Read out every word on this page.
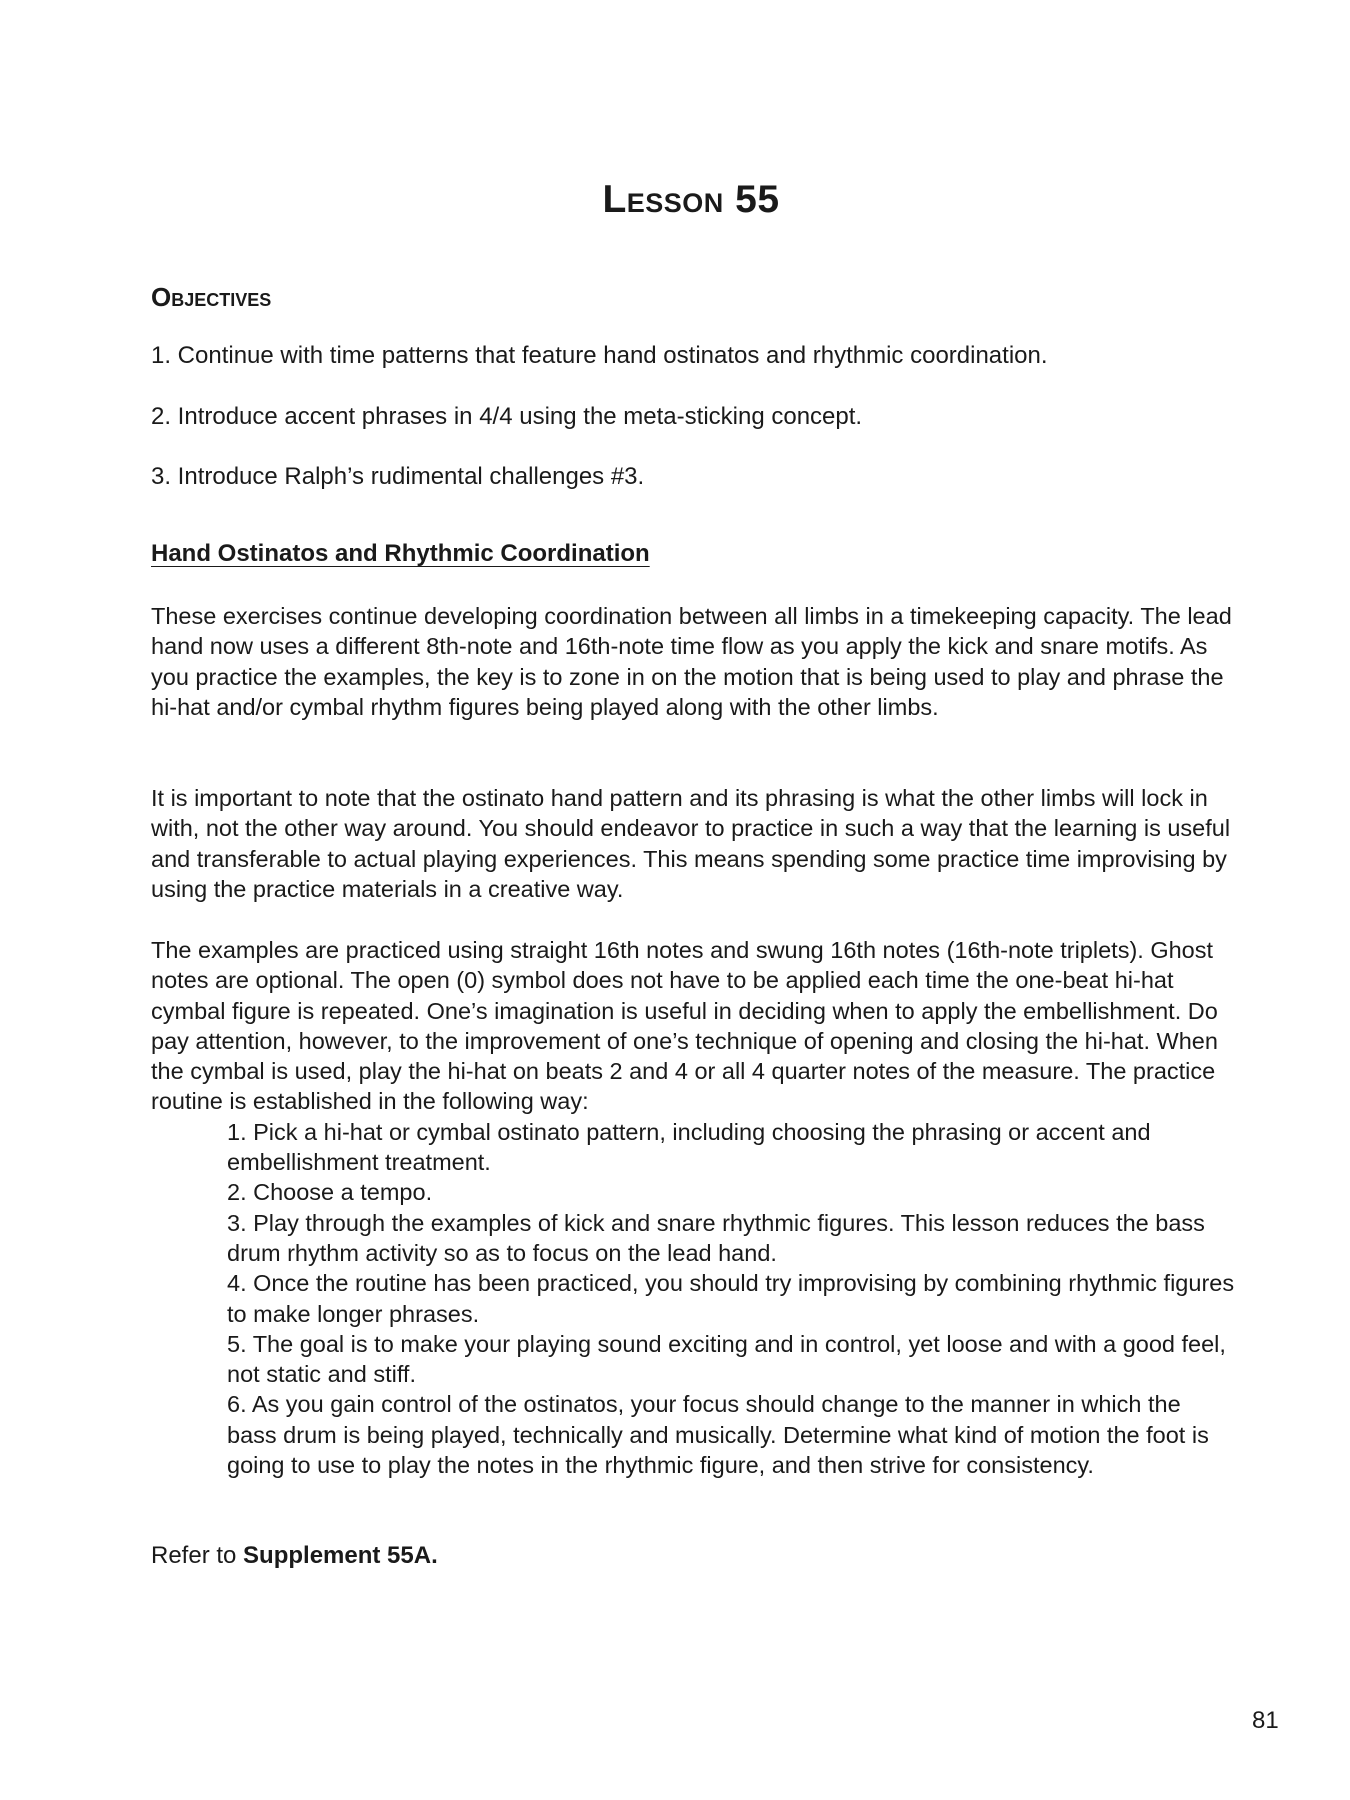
Lesson 55
Objectives

1. Continue with time patterns that feature hand ostinatos and rhythmic coordination.

2. Introduce accent phrases in 4/4 using the meta-sticking concept.

3. Introduce Ralph’s rudimental challenges #3.

Hand Ostinatos and Rhythmic Coordination

These exercises continue developing coordination between all limbs in a timekeeping capacity. The lead hand now uses a different 8th-note and 16th-note time flow as you apply the kick and snare motifs. As you practice the examples, the key is to zone in on the motion that is being used to play and phrase the hi-hat and/or cymbal rhythm figures being played along with the other limbs.

It is important to note that the ostinato hand pattern and its phrasing is what the other limbs will lock in with, not the other way around. You should endeavor to practice in such a way that the learning is useful and transferable to actual playing experiences. This means spending some practice time improvising by using the practice materials in a creative way.

The examples are practiced using straight 16th notes and swung 16th notes (16th-note triplets). Ghost notes are optional. The open (0) symbol does not have to be applied each time the one-beat hi-hat cymbal figure is repeated. One’s imagination is useful in deciding when to apply the embellishment. Do pay attention, however, to the improvement of one’s technique of opening and closing the hi-hat. When the cymbal is used, play the hi-hat on beats 2 and 4 or all 4 quarter notes of the measure. The practice routine is established in the following way:

1. Pick a hi-hat or cymbal ostinato pattern, including choosing the phrasing or accent and embellishment treatment.
2. Choose a tempo.
3. Play through the examples of kick and snare rhythmic figures. This lesson reduces the bass drum rhythm activity so as to focus on the lead hand.
4. Once the routine has been practiced, you should try improvising by combining rhythmic figures to make longer phrases.
5. The goal is to make your playing sound exciting and in control, yet loose and with a good feel, not static and stiff.
6. As you gain control of the ostinatos, your focus should change to the manner in which the bass drum is being played, technically and musically. Determine what kind of motion the foot is going to use to play the notes in the rhythmic figure, and then strive for consistency.

Refer to Supplement 55A.

81
